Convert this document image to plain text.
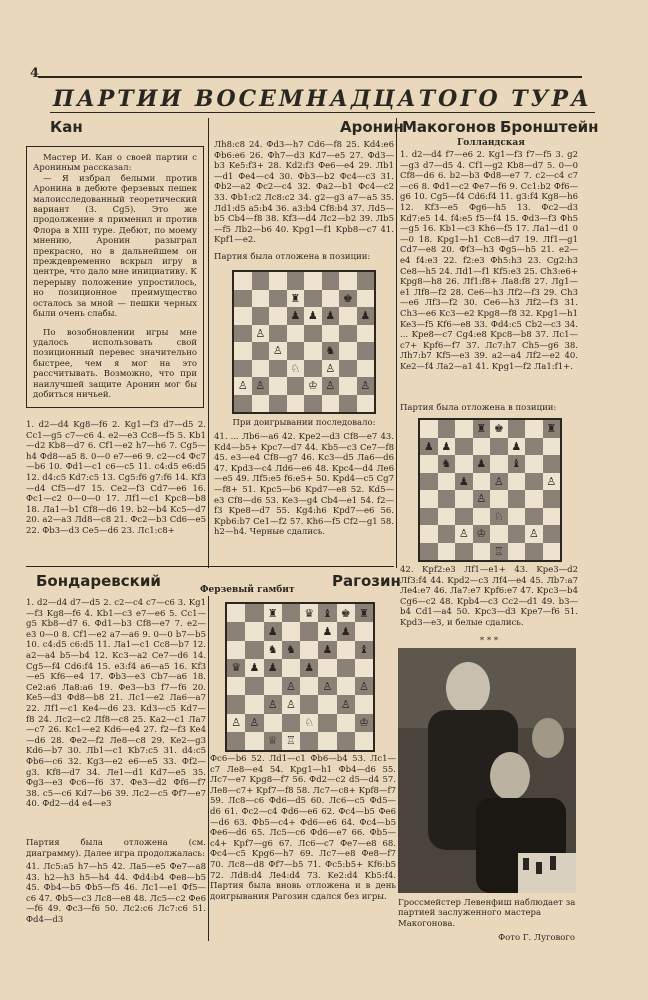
4
ПАРТИИ ВОСЕМНАДЦАТОГО ТУРА
Кан	Аронин

Мастер И. Кан о своей партии с Арониным рассказал:

— Я избрал белыми против Аронина в дебюте ферзевых пешек малоисследованный теоретический вариант (3. Сg5). Это же продолжение я применил и против Флора в XIII туре. Дебют, по моему мнению, Аронин разыграл прекрасно, но в дальнейшем он преждевременно вскрыл игру в центре, что дало мне инициативу. К перерыву положение упростилось, но позиционное преимущество осталось за мной — пешки черных были очень слабы.

По возобновлении игры мне удалось использовать свой позиционный перевес значительно быстрее, чем я мог на это рассчитывать. Возможно, что при наилучшей защите Аронин мог бы добиться ничьей.

1. d2—d4 Kg8—f6 2. Kg1—f3 d7—d5 2. Сс1—g5 c7—c6 4. e2—e3 Сс8—f5 5. Kb1—d2 Kb8—d7 6. Сf1—e2 h7—h6 7. Сg5—h4 Фd8—a5 8. 0—0 e7—e6 9. c2—c4 Фс7—b6 10. Фd1—c1 c6—c5 11. c4:d5 e6:d5 12. d4:c5 Kd7:c5 13. Сg5:f6 g7:f6 14. Kf3—d4 Сf5—d7 15. Се2—f3 Сd7—e6 16. Фс1—c2 0—0—0 17. Лf1—c1 Kpc8—b8 18. Лa1—b1 Сf8—d6 19. b2—b4 Kc5—d7 20. a2—a3 Лd8—c8 21. Фc2—b3 Сd6—e5 22. Фb3—d3 Сe5—d6 23. Лc1:c8+
Лh8:c8 24. Фd3—h7 Сd6—f8 25. Kd4:e6 Фb6:e6 26. Фh7—d3 Kd7—e5 27. Фd3—b3 Ke5:f3+ 28. Kd2:f3 Фе6—e4 29. Лb1—d1 Фe4—c4 30. Фb3—b2 Фc4—c3 31. Фb2—a2 Фc2—c4 32. Фa2—b1 Фc4—c2 33. Фb1:c2 Лc8:c2 34. g2—g3 a7—a5 35. Лd1:d5 a5:b4 36. a3:b4 Сf8:b4 37. Лd5—b5 Сb4—f8 38. Kf3—d4 Лc2—b2 39. Лb5—f5 Лb2—b6 40. Kpg1—f1 Kpb8—c7 41. Kpf1—e2.
Партия была отложена в позиции:
♜	♚
♟ ♟ ♟ ♟
♙
♙	♞
♘ ♙
♙ ♙	♔ ♙ ♙
При доигрывании последовало:
41. ... Лb6—a6 42. Kpe2—d3 Сf8—e7 43. Kd4—b5+ Kpc7—d7 44. Kb5—c3 Сe7—f8 45. e3—e4 Сf8—g7 46. Kc3—d5 Лa6—d6 47. Kpd3—c4 Лd6—e6 48. Kpc4—d4 Лe6—e5 49. Лf5:e5 f6:e5+ 50. Kpd4—c5 Сg7—f8+ 51. Kpc5—b6 Kpd7—e8 52. Kd5—e3 Сf8—d6 53. Ke3—g4 Сb4—e1 54. f2—f3 Kpe8—d7 55. Kg4:h6 Kpd7—e6 56. Kpb6:b7 Сe1—f2 57. Kh6—f5 Сf2—g1 58. h2—h4. Черные сдались.
Макогонов Бронштейн
Голландская
1. d2—d4 f7—e6 2. Kg1—f3 f7—f5 3. g2—g3 d7—d5 4. Сf1—g2 Kb8—d7 5. 0—0 Сf8—d6 6. b2—b3 Фd8—e7 7. c2—c4 c7—c6 8. Фd1—c2 Фe7—f6 9. Сс1:b2 Фf6—g6 10. Сg5—f4 Сd6:f4 11. g3:f4 Kg8—h6 12. Kf3—e5 Фg6—h5 13. Фс2—d3 Kd7:e5 14. f4:e5 f5—f4 15. Фd3—f3 Фh5—g5 16. Kb1—c3 Kh6—f5 17. Лa1—d1 0—0 18. Kpg1—h1 Сc8—d7 19. Лf1—g1 Сd7—e8 20. Фf3—h3 Фg5—h5 21. e2—e4 f4:e3 22. f2:e3 Фh5:h3 23. Сg2:h3 Се8—h5 24. Лd1—f1 Kf5:e3 25. Сh3:e6+ Kpg8—h8 26. Лf1:f8+ Лa8:f8 27. Лg1—e1 Лf8—f2 28. Се6—h3 Лf2—f3 29. Сh3—e6 Лf3—f2 30. Се6—h3 Лf2—f3 31. Сh3—e6 Kc3—e2 Kpg8—f8 32. Kpg1—h1 Ke3—f5 Kf6—e8 33. Фd4:c5 Сb2—c3 34. ... Kpe8—c7 Сg4:e8 Kpc8—b8 37. Лc1—c7+ Kpf6—f7 37. Лc7:h7 Сh5—g6 38. Лh7:b7 Kf5—e3 39. a2—a4 Лf2—e2 40. Ke2—f4 Лa2—a1 41. Kpg1—f2 Лa1:f1+.
Партия была отложена в позиции:
♜ ♚	♜
♟ ♟	♟
♞ ♟ ♝
♟ ♙	♙
♙
♘
♙ ♔	♙
♖
42. Kpf2:e3 Лf1—e1+ 43. Kpe3—d2 Лf3:f4 44. Kpd2—c3 Лf4—e4 45. Лb7:a7 Лe4:e7 46. Лa7:e7 Kpf6:e7 47. Kpc3—b4 Сg6—c2 48. Kpb4—c3 Сc2—d1 49. b3—b4 Сd1—a4 50. Kpc3—d3 Kpe7—f6 51. Kpd3—e3, и белые сдались.
* * *
Бондаревский	Рагозин
Ферзевый гамбит
1. d2—d4 d7—d5 2. c2—c4 c7—c6 3. Kg1—f3 Kg8—f6 4. Kb1—c3 e7—e6 5. Сс1—g5 Kb8—d7 6. Фd1—b3 Сf8—e7 7. e2—e3 0—0 8. Сf1—e2 a7—a6 9. 0—0 b7—b5 10. c4:d5 c6:d5 11. Лa1—c1 Сc8—b7 12. a2—a4 b5—b4 12. Kc3—a2 Сe7—d6 14. Сg5—f4 Сd6:f4 15. e3:f4 a6—a5 16. Kf3—e5 Kf6—e4 17. Фb3—e3 Сb7—a6 18. Се2:a6 Лa8:a6 19. Фe3—b3 f7—f6 20. Ke5—d3 Фd8—b8 21. Лc1—e2 Лa6—a7 22. Лf1—c1 Ke4—d6 23. Kd3—c5 Kd7—f8 24. Лc2—c2 Лf8—c8 25. Ka2—c1 Лa7—c7 26. Kc1—e2 Kd6—e4 27. f2—f3 Ke4—d6 28. Фe2—f2 Лe8—c8 29. Ke2—g3 Kd6—b7 30. Лb1—c1 Kb7:c5 31. d4:c5 Фb6—c6 32. Kg3—e2 e6—e5 33. Фf2—g3. Kf8—d7 34. Лe1—d1 Kd7—e5 35. Фg3—e3 Фс6—f6 37. Фe3—d2 Фf6—f7 38. c5—c6 Kd7—b6 39. Лc2—c5 Фf7—e7 40. Фd2—d4 e4—e3
Партия была отложена (см. диаграмму). Далее игра продолжалась:
41. Лc5:a5 h7—h5 42. Лa5—e5 Фe7—a8 43. h2—h3 h5—h4 44. Фd4:b4 Фe8—b5 45. Фb4—b5 Фb5—f5 46. Лc1—e1 Фf5—c6 47. Фb5—c3 Лc8—e8 48. Лc5—c2 Фe6—f6 49. Фc3—f6 50. Лc2:c6 Лc7:c6 51. Фd4—d3
♜ ♛ ♝ ♚ ♜
♟	♟ ♟
♞ ♞ ♟ ♝
♛ ♟ ♟ ♟
♙ ♙ ♙
♙ ♙	♙
♙ ♙	♘	♔
♕ ♖
Фс6—b6 52. Лd1—c1 Фb6—b4 53. Лc1—c7 Лe8—e4 54. Kpg1—h1 Фb4—d6 55. Лc7—e7 Kpg8—f7 56. Фd2—c2 d5—d4 57. Лe8—c7+ Kpf7—f8 58. Лc7—c8+ Kpf8—f7 59. Лc8—c6 Фd6—d5 60. Лc6—c5 Фd5—d6 61. Фc2—c4 Фd6—e6 62. Фc4—b5 Фe6—d6 63. Фb5—c4+ Фd6—e6 64. Фc4—b5 Фe6—d6 65. Лc5—c6 Фd6—e7 66. Фb5—c4+ Kpf7—g6 67. Лc6—c7 Фe7—e8 68. Фc4—c5 Kpg6—h7 69. Лc7—e8 Фe8—f7 70. Лc8—d8 Фf7—b5 71. Фc5:b5+ Kf6:b5 72. Лd8:d4 Лe4:d4 73. Ke2:d4 Kb5:f4. Партия была вновь отложена и в день доигрывания Рагозин сдался без игры.
Гроссмейстер Левенфиш наблюдает за партией заслуженного мастера Макогонова.
Фото Г. Лугового
